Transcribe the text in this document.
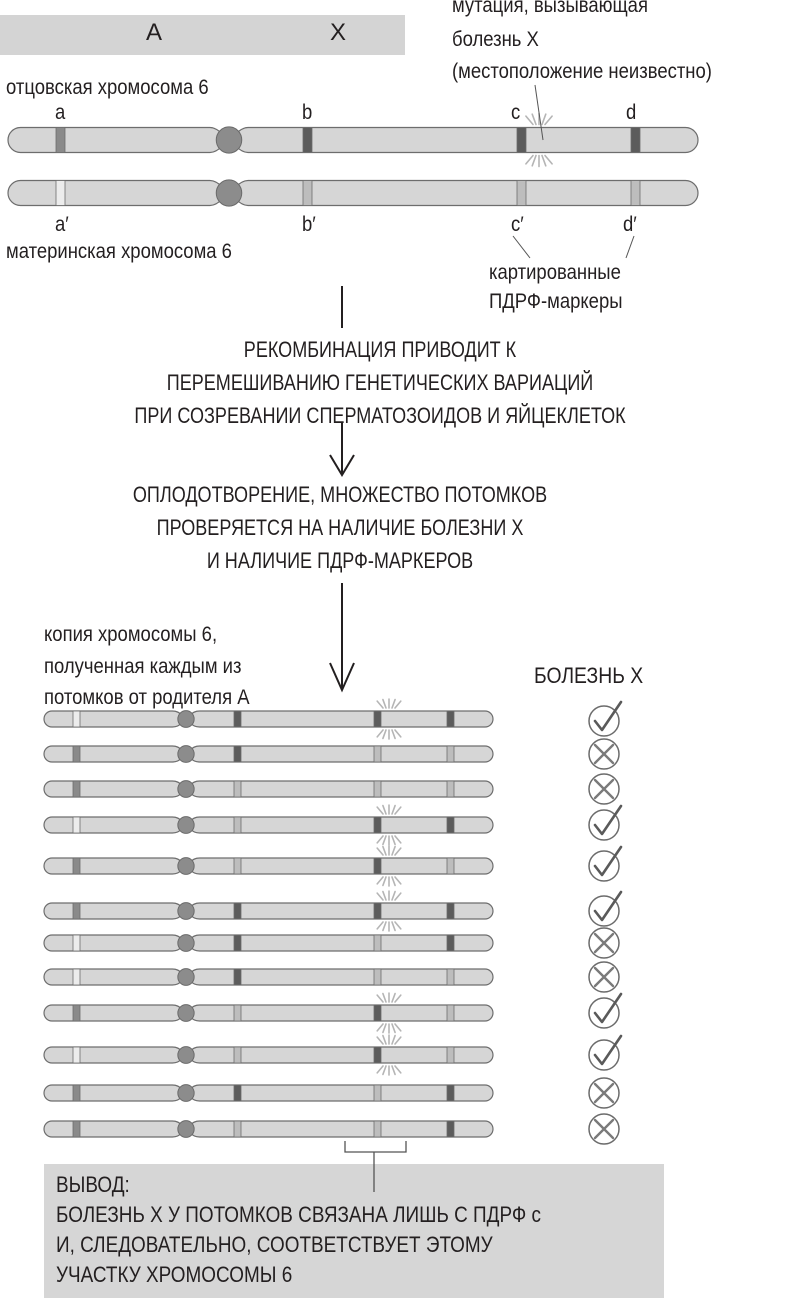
A	X
мутация, вызывающая
болезнь X
(местоположение неизвестно)
отцовская хромосома 6
a	b	c	d
a′	b′	c′	d′
материнская хромосома 6
картированные
ПДРФ-маркеры
РЕКОМБИНАЦИЯ ПРИВОДИТ К
ПЕРЕМЕШИВАНИЮ ГЕНЕТИЧЕСКИХ ВАРИАЦИЙ
ПРИ СОЗРЕВАНИИ СПЕРМАТОЗОИДОВ И ЯЙЦЕКЛЕТОК
ОПЛОДОТВОРЕНИЕ, МНОЖЕСТВО ПОТОМКОВ
ПРОВЕРЯЕТСЯ НА НАЛИЧИЕ БОЛЕЗНИ X
И НАЛИЧИЕ ПДРФ-МАРКЕРОВ
копия хромосомы 6,
полученная каждым из
потомков от родителя A
БОЛЕЗНЬ X
ВЫВОД:
БОЛЕЗНЬ X У ПОТОМКОВ СВЯЗАНА ЛИШЬ С ПДРФ c
И, СЛЕДОВАТЕЛЬНО, СООТВЕТСТВУЕТ ЭТОМУ
УЧАСТКУ ХРОМОСОМЫ 6
